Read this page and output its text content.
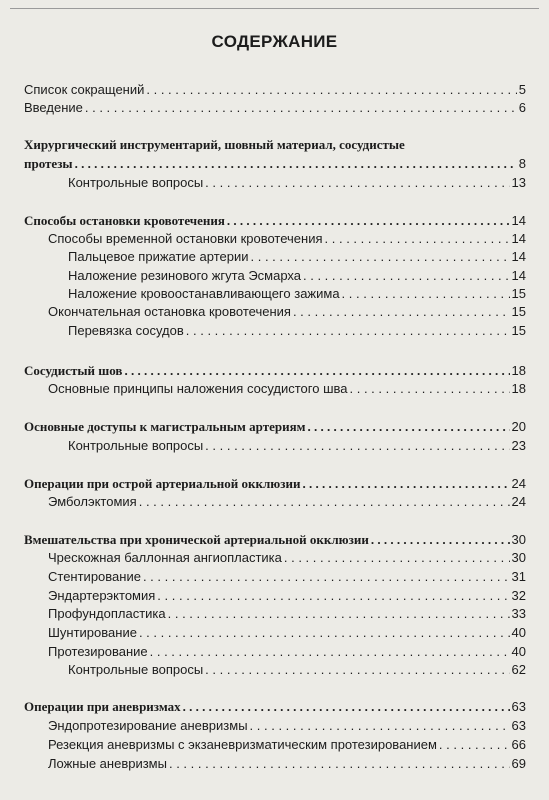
СОДЕРЖАНИЕ
Список сокращений . . .	5
Введение . . .	6
Хирургический инструментарий, шовный материал, сосудистые
протезы . . .	8
Контрольные вопросы . . .	13
Способы остановки кровотечения . . .	14
Способы временной остановки кровотечения . . .	14
Пальцевое прижатие артерии . . .	14
Наложение резинового жгута Эсмарха . . .	14
Наложение кровоостанавливающего зажима . . .	15
Окончательная остановка кровотечения . . .	15
Перевязка сосудов . . .	15
Сосудистый шов . . .	18
Основные принципы наложения сосудистого шва . . .	18
Основные доступы к магистральным артериям . . .	20
Контрольные вопросы . . .	23
Операции при острой артериальной окклюзии . . .	24
Эмболэктомия . . .	24
Вмешательства при хронической артериальной окклюзии . . .	30
Чрескожная баллонная ангиопластика . . .	30
Стентирование . . .	31
Эндартерэктомия . . .	32
Профундопластика . . .	33
Шунтирование . . .	40
Протезирование . . .	40
Контрольные вопросы . . .	62
Операции при аневризмах . . .	63
Эндопротезирование аневризмы . . .	63
Резекция аневризмы с экзаневризматическим протезированием . . .	66
Ложные аневризмы . . .	69
